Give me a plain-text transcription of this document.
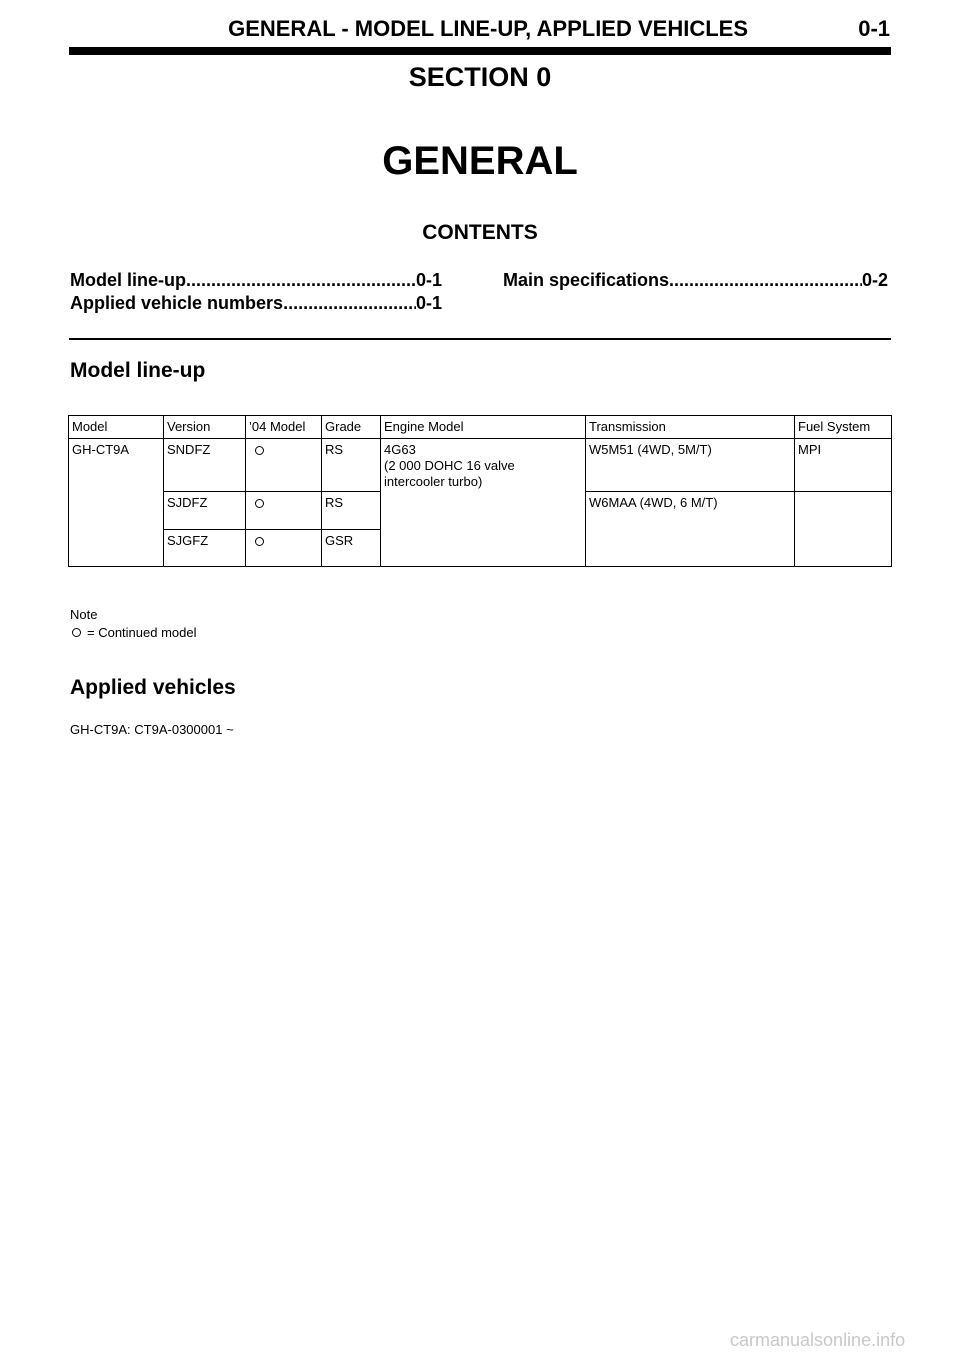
GENERAL - MODEL LINE-UP, APPLIED VEHICLES	0-1
SECTION 0
GENERAL
CONTENTS
Model line-up .....	0-1
Applied vehicle numbers .....	0-1
Main specifications .....	0-2
Model line-up
Model	Version	’04 Model	Grade	Engine Model	Transmission	Fuel System
GH-CT9A	SNDFZ		RS	4G63
(2 000 DOHC 16 valve
intercooler turbo)	W5M51 (4WD, 5M/T)	MPI
	SJDFZ		RS		W6MAA (4WD, 6 M/T)	
	SJGFZ		GSR			
Note
= Continued model
Applied vehicles
GH-CT9A: CT9A-0300001 ~
carmanualsonline.info
